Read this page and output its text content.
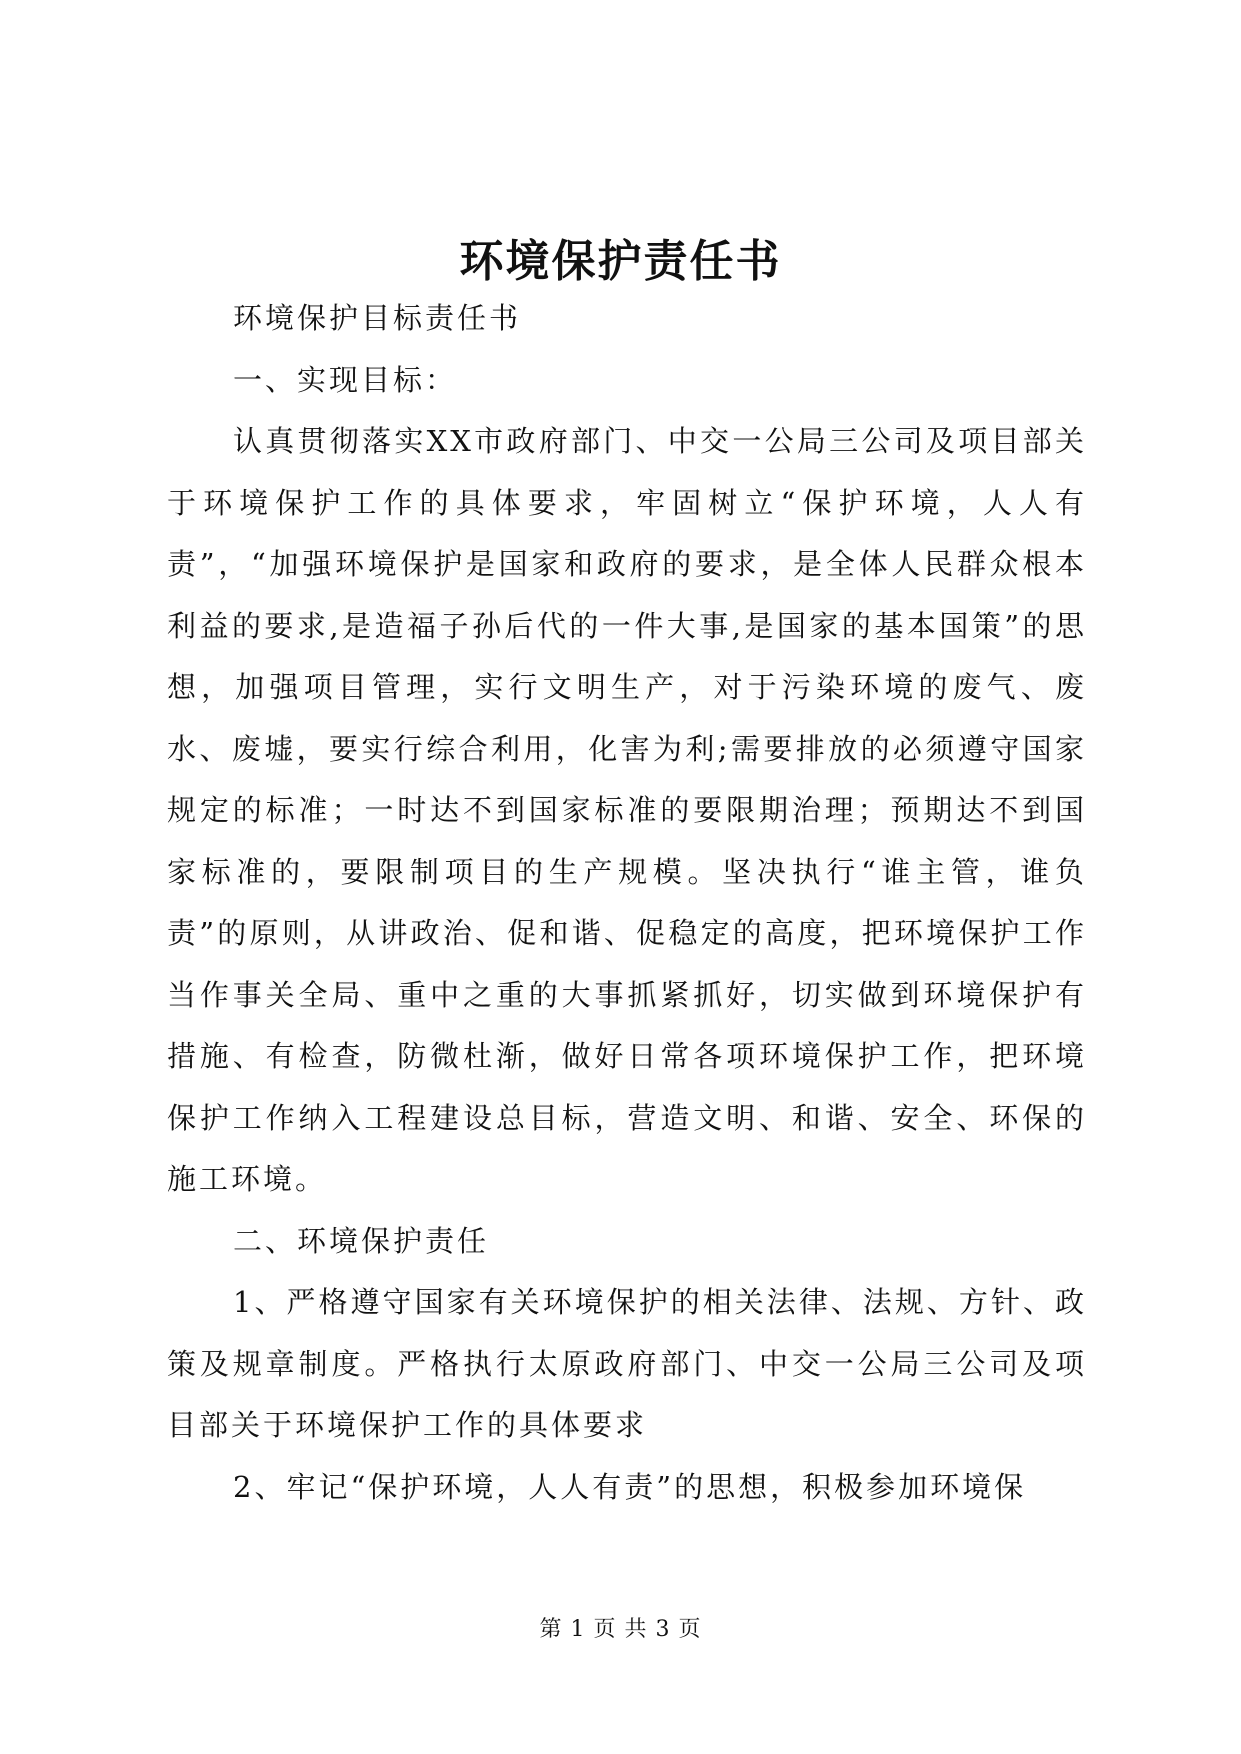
环境保护责任书

环境保护目标责任书

一、实现目标：

认真贯彻落实XX市政府部门、中交一公局三公司及项目部关于环境保护工作的具体要求，牢固树立“保护环境，人人有责”，“加强环境保护是国家和政府的要求，是全体人民群众根本利益的要求,是造福子孙后代的一件大事,是国家的基本国策”的思想，加强项目管理，实行文明生产，对于污染环境的废气、废水、废墟，要实行综合利用，化害为利;需要排放的必须遵守国家规定的标准；一时达不到国家标准的要限期治理；预期达不到国家标准的，要限制项目的生产规模。坚决执行“谁主管，谁负责”的原则，从讲政治、促和谐、促稳定的高度，把环境保护工作当作事关全局、重中之重的大事抓紧抓好，切实做到环境保护有措施、有检查，防微杜渐，做好日常各项环境保护工作，把环境保护工作纳入工程建设总目标，营造文明、和谐、安全、环保的施工环境。

二、环境保护责任

1、严格遵守国家有关环境保护的相关法律、法规、方针、政策及规章制度。严格执行太原政府部门、中交一公局三公司及项目部关于环境保护工作的具体要求

2、牢记“保护环境，人人有责”的思想，积极参加环境保

第 1 页 共 3 页
